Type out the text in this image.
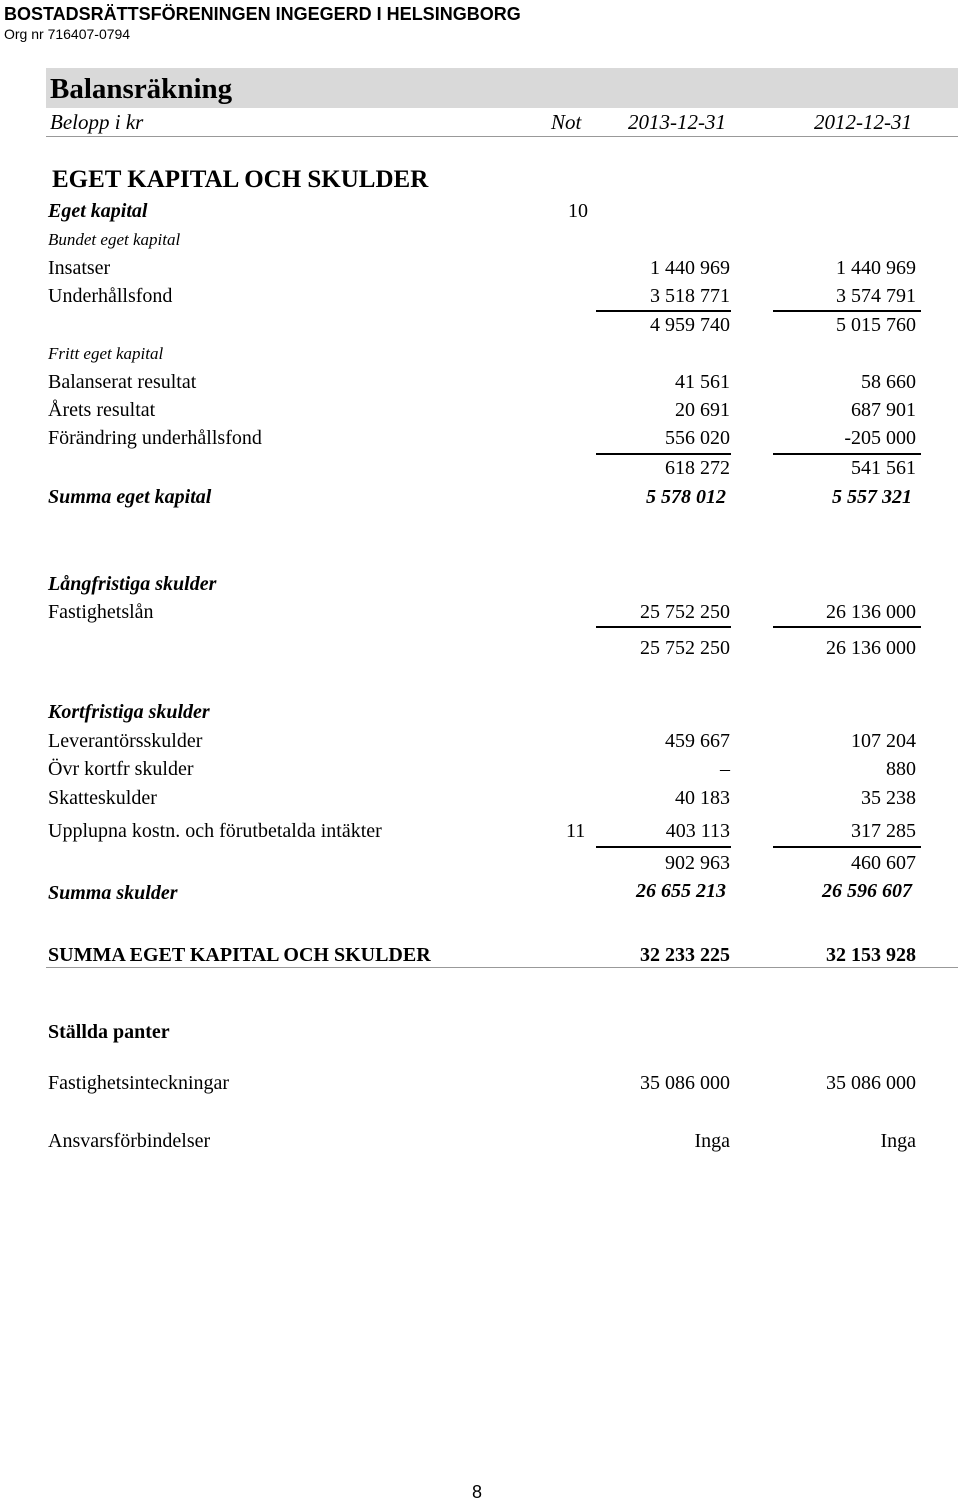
BOSTADSRÄTTSFÖRENINGEN INGEGERD I HELSINGBORG
Org nr 716407-0794
Balansräkning
Belopp i kr	Not	2013-12-31	2012-12-31
EGET KAPITAL OCH SKULDER
Eget kapital	10
Bundet eget kapital
Insatser	1 440 969	1 440 969
Underhållsfond	3 518 771	3 574 791
4 959 740	5 015 760
Fritt eget kapital
Balanserat resultat	41 561	58 660
Årets resultat	20 691	687 901
Förändring underhållsfond	556 020	-205 000
618 272	541 561
Summa eget kapital	5 578 012	5 557 321
Långfristiga skulder
Fastighetslån	25 752 250	26 136 000
25 752 250	26 136 000
Kortfristiga skulder
Leverantörsskulder	459 667	107 204
Övr kortfr skulder	–	880
Skatteskulder	40 183	35 238
Upplupna kostn. och förutbetalda intäkter	11	403 113	317 285
902 963	460 607
Summa skulder	26 655 213	26 596 607
SUMMA EGET KAPITAL OCH SKULDER	32 233 225	32 153 928
Ställda panter
Fastighetsinteckningar	35 086 000	35 086 000
Ansvarsförbindelser	Inga	Inga
8
